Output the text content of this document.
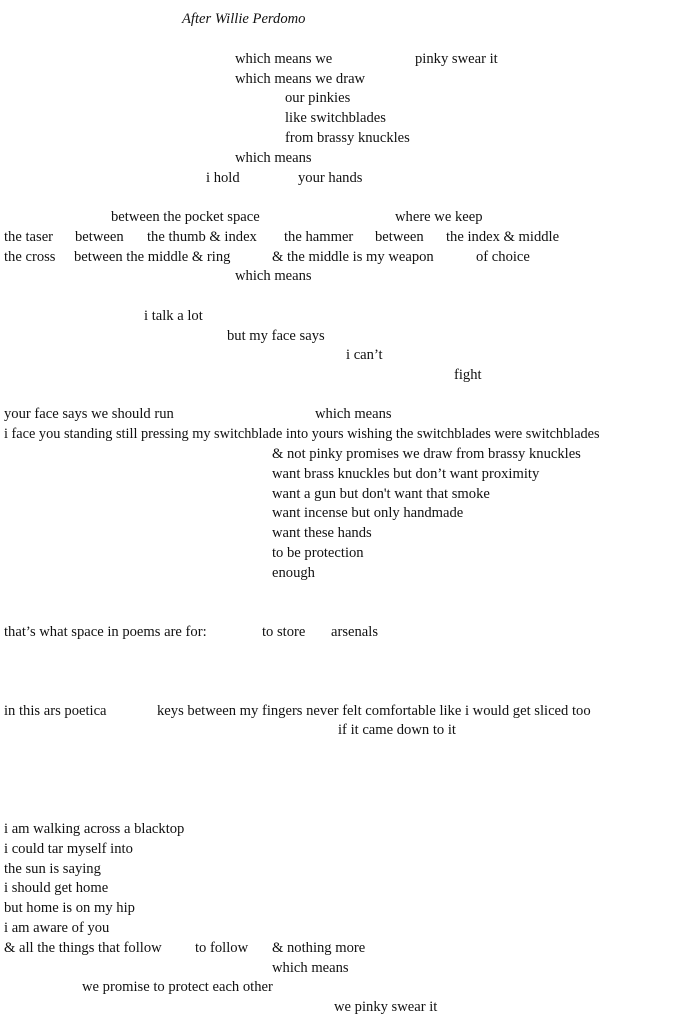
After Willie Perdomo
which means we	pinky swear it
which means we draw
our pinkies
like switchblades
from brassy knuckles
which means
i hold	your hands
between the pocket space	where we keep
the taser between the thumb & index the hammer between the index & middle
the cross between the middle & ring	& the middle is my weapon	of choice
which means
i talk a lot
but my face says
i can’t
fight
your face says we should run	which means
i face you standing still pressing my switchblade into yours wishing the switchblades were switchblades
& not pinky promises we draw from brassy knuckles
want brass knuckles but don’t want proximity
want a gun but don't want that smoke
want incense but only handmade
want these hands
to be protection
enough
that’s what space in poems are for:	to store arsenals
in this ars poetica	keys between my fingers never felt comfortable like i would get sliced too
if it came down to it
i am walking across a blacktop
i could tar myself into
the sun is saying
i should get home
but home is on my hip
i am aware of you
& all the things that follow to follow & nothing more
which means
we promise to protect each other
we pinky swear it
